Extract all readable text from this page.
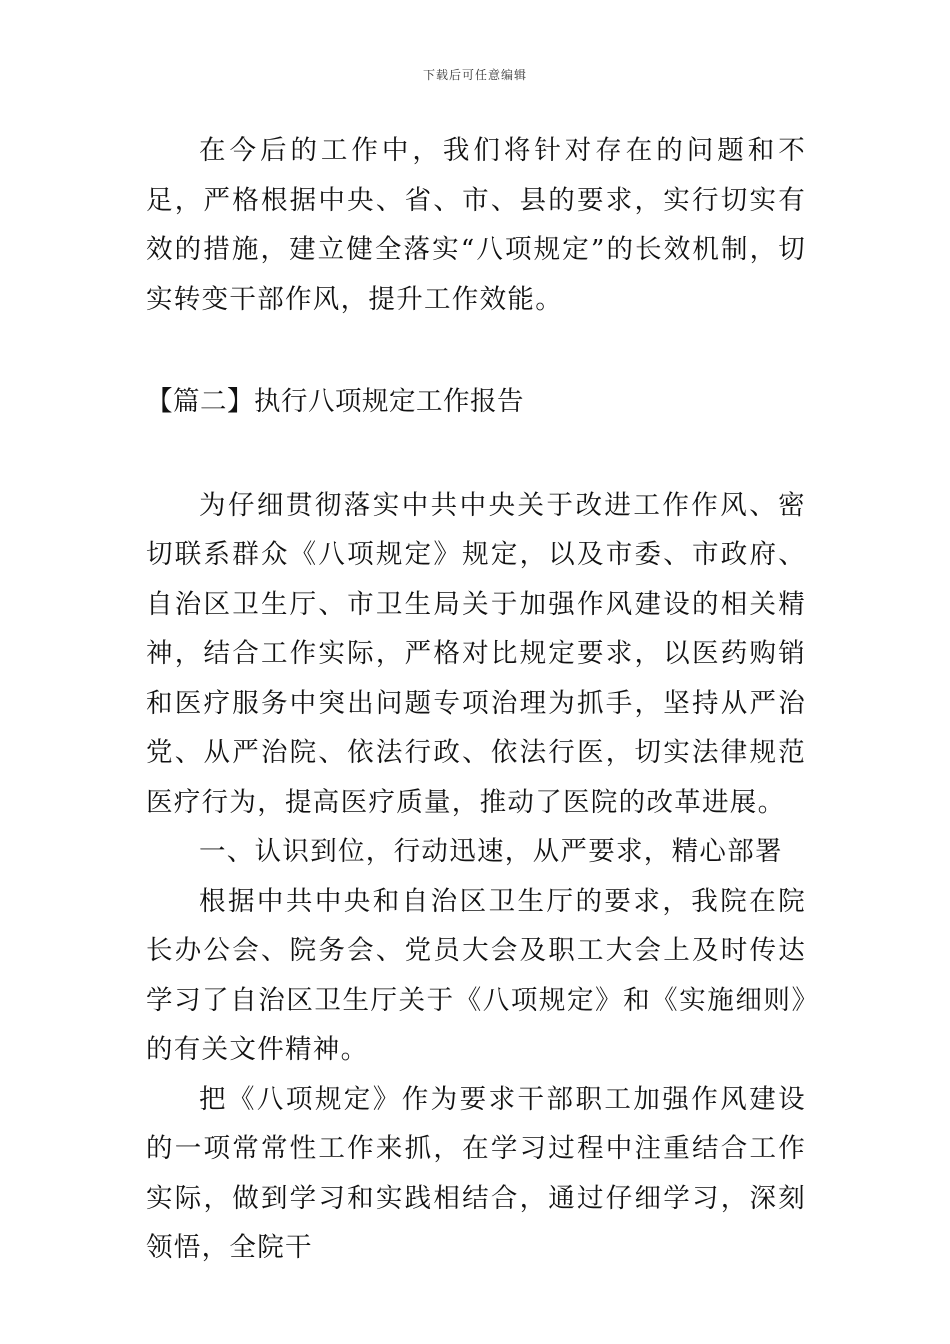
下载后可任意编辑

在今后的工作中，我们将针对存在的问题和不足，严格根据中央、省、市、县的要求，实行切实有效的措施，建立健全落实“八项规定”的长效机制，切实转变干部作风，提升工作效能。

【篇二】执行八项规定工作报告

为仔细贯彻落实中共中央关于改进工作作风、密切联系群众《八项规定》规定，以及市委、市政府、自治区卫生厅、市卫生局关于加强作风建设的相关精神，结合工作实际，严格对比规定要求，以医药购销和医疗服务中突出问题专项治理为抓手，坚持从严治党、从严治院、依法行政、依法行医，切实法律规范医疗行为，提高医疗质量，推动了医院的改革进展。

一、认识到位，行动迅速，从严要求，精心部署

根据中共中央和自治区卫生厅的要求，我院在院长办公会、院务会、党员大会及职工大会上及时传达学习了自治区卫生厅关于《八项规定》和《实施细则》的有关文件精神。

把《八项规定》作为要求干部职工加强作风建设的一项常常性工作来抓，在学习过程中注重结合工作实际，做到学习和实践相结合，通过仔细学习，深刻领悟，全院干
